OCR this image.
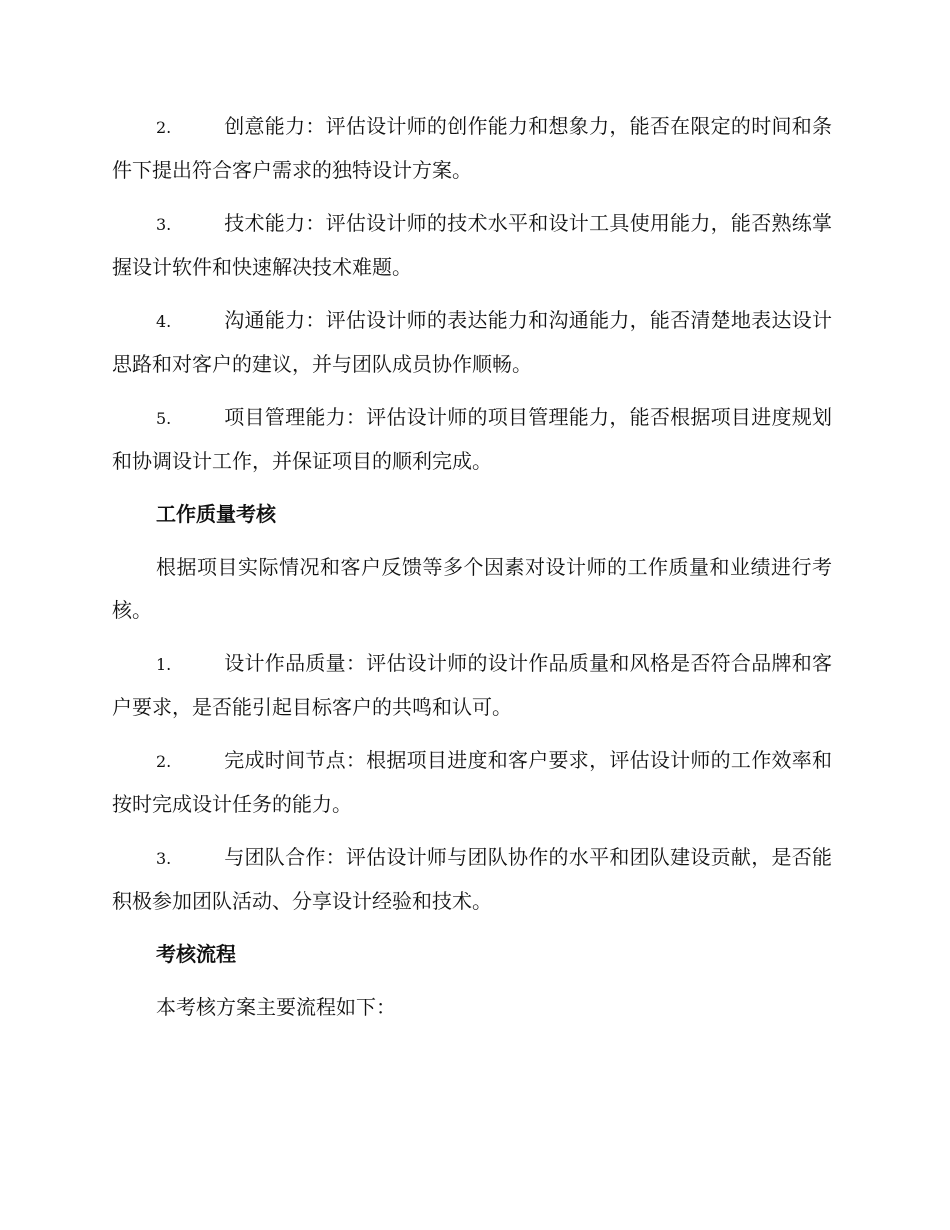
2.	创意能力：评估设计师的创作能力和想象力，能否在限定的时间和条件下提出符合客户需求的独特设计方案。

3.	技术能力：评估设计师的技术水平和设计工具使用能力，能否熟练掌握设计软件和快速解决技术难题。

4.	沟通能力：评估设计师的表达能力和沟通能力，能否清楚地表达设计思路和对客户的建议，并与团队成员协作顺畅。

5.	项目管理能力：评估设计师的项目管理能力，能否根据项目进度规划和协调设计工作，并保证项目的顺利完成。

工作质量考核

根据项目实际情况和客户反馈等多个因素对设计师的工作质量和业绩进行考核。

1.	设计作品质量：评估设计师的设计作品质量和风格是否符合品牌和客户要求，是否能引起目标客户的共鸣和认可。

2.	完成时间节点：根据项目进度和客户要求，评估设计师的工作效率和按时完成设计任务的能力。

3.	与团队合作：评估设计师与团队协作的水平和团队建设贡献，是否能积极参加团队活动、分享设计经验和技术。

考核流程

本考核方案主要流程如下：
